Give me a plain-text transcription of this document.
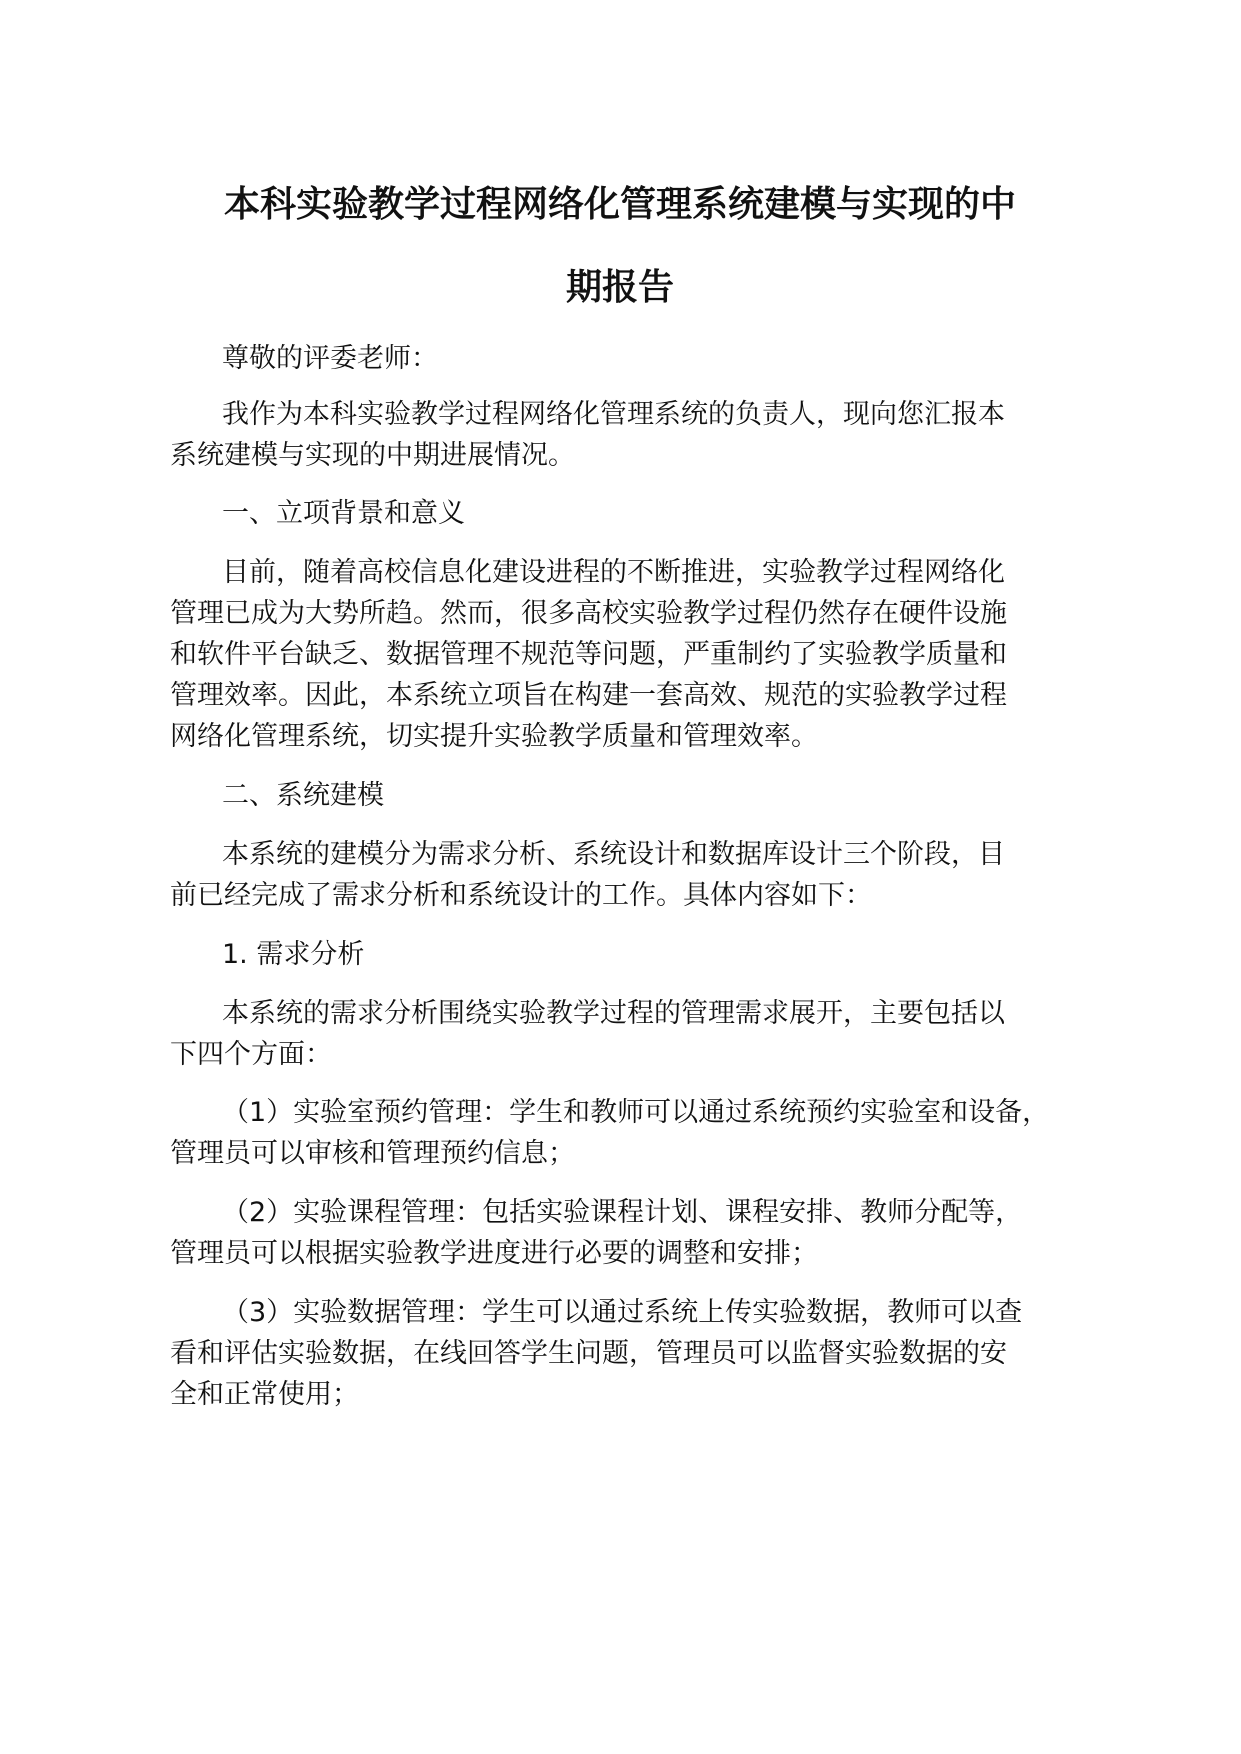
本科实验教学过程网络化管理系统建模与实现的中
期报告
尊敬的评委老师：
我作为本科实验教学过程网络化管理系统的负责人，现向您汇报本
系统建模与实现的中期进展情况。
一、立项背景和意义
目前，随着高校信息化建设进程的不断推进，实验教学过程网络化
管理已成为大势所趋。然而，很多高校实验教学过程仍然存在硬件设施
和软件平台缺乏、数据管理不规范等问题，严重制约了实验教学质量和
管理效率。因此，本系统立项旨在构建一套高效、规范的实验教学过程
网络化管理系统，切实提升实验教学质量和管理效率。
二、系统建模
本系统的建模分为需求分析、系统设计和数据库设计三个阶段，目
前已经完成了需求分析和系统设计的工作。具体内容如下：
1. 需求分析
本系统的需求分析围绕实验教学过程的管理需求展开，主要包括以
下四个方面：
（1）实验室预约管理：学生和教师可以通过系统预约实验室和设备，
管理员可以审核和管理预约信息；
（2）实验课程管理：包括实验课程计划、课程安排、教师分配等，
管理员可以根据实验教学进度进行必要的调整和安排；
（3）实验数据管理：学生可以通过系统上传实验数据，教师可以查
看和评估实验数据，在线回答学生问题，管理员可以监督实验数据的安
全和正常使用；
